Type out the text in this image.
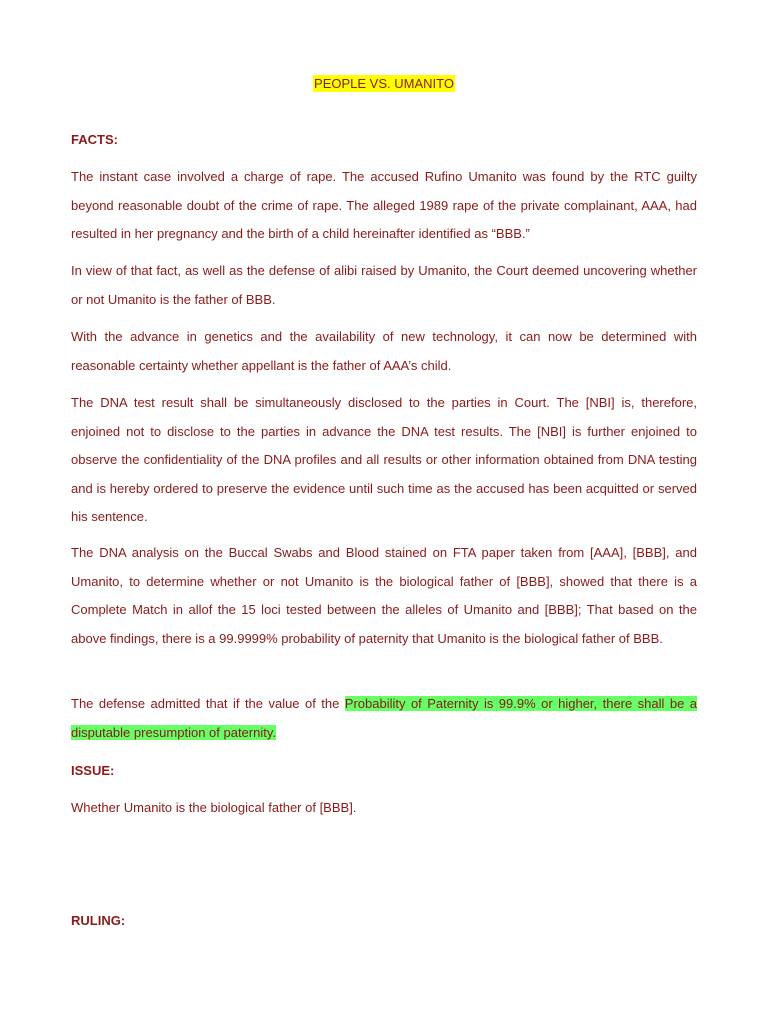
PEOPLE VS. UMANITO
FACTS:
The instant case involved a charge of rape. The accused Rufino Umanito was found by the RTC guilty beyond reasonable doubt of the crime of rape. The alleged 1989 rape of the private complainant, AAA, had resulted in her pregnancy and the birth of a child hereinafter identified as “BBB.”
In view of that fact, as well as the defense of alibi raised by Umanito, the Court deemed uncovering whether or not Umanito is the father of BBB.
With the advance in genetics and the availability of new technology, it can now be determined with reasonable certainty whether appellant is the father of AAA’s child.
The DNA test result shall be simultaneously disclosed to the parties in Court. The [NBI] is, therefore, enjoined not to disclose to the parties in advance the DNA test results. The [NBI] is further enjoined to observe the confidentiality of the DNA profiles and all results or other information obtained from DNA testing and is hereby ordered to preserve the evidence until such time as the accused has been acquitted or served his sentence.
The DNA analysis on the Buccal Swabs and Blood stained on FTA paper taken from [AAA], [BBB], and Umanito, to determine whether or not Umanito is the biological father of [BBB], showed that there is a Complete Match in allof the 15 loci tested between the alleles of Umanito and [BBB]; That based on the above findings, there is a 99.9999% probability of paternity that Umanito is the biological father of BBB.
The defense admitted that if the value of the Probability of Paternity is 99.9% or higher, there shall be a disputable presumption of paternity.
ISSUE:
Whether Umanito is the biological father of [BBB].
RULING:
